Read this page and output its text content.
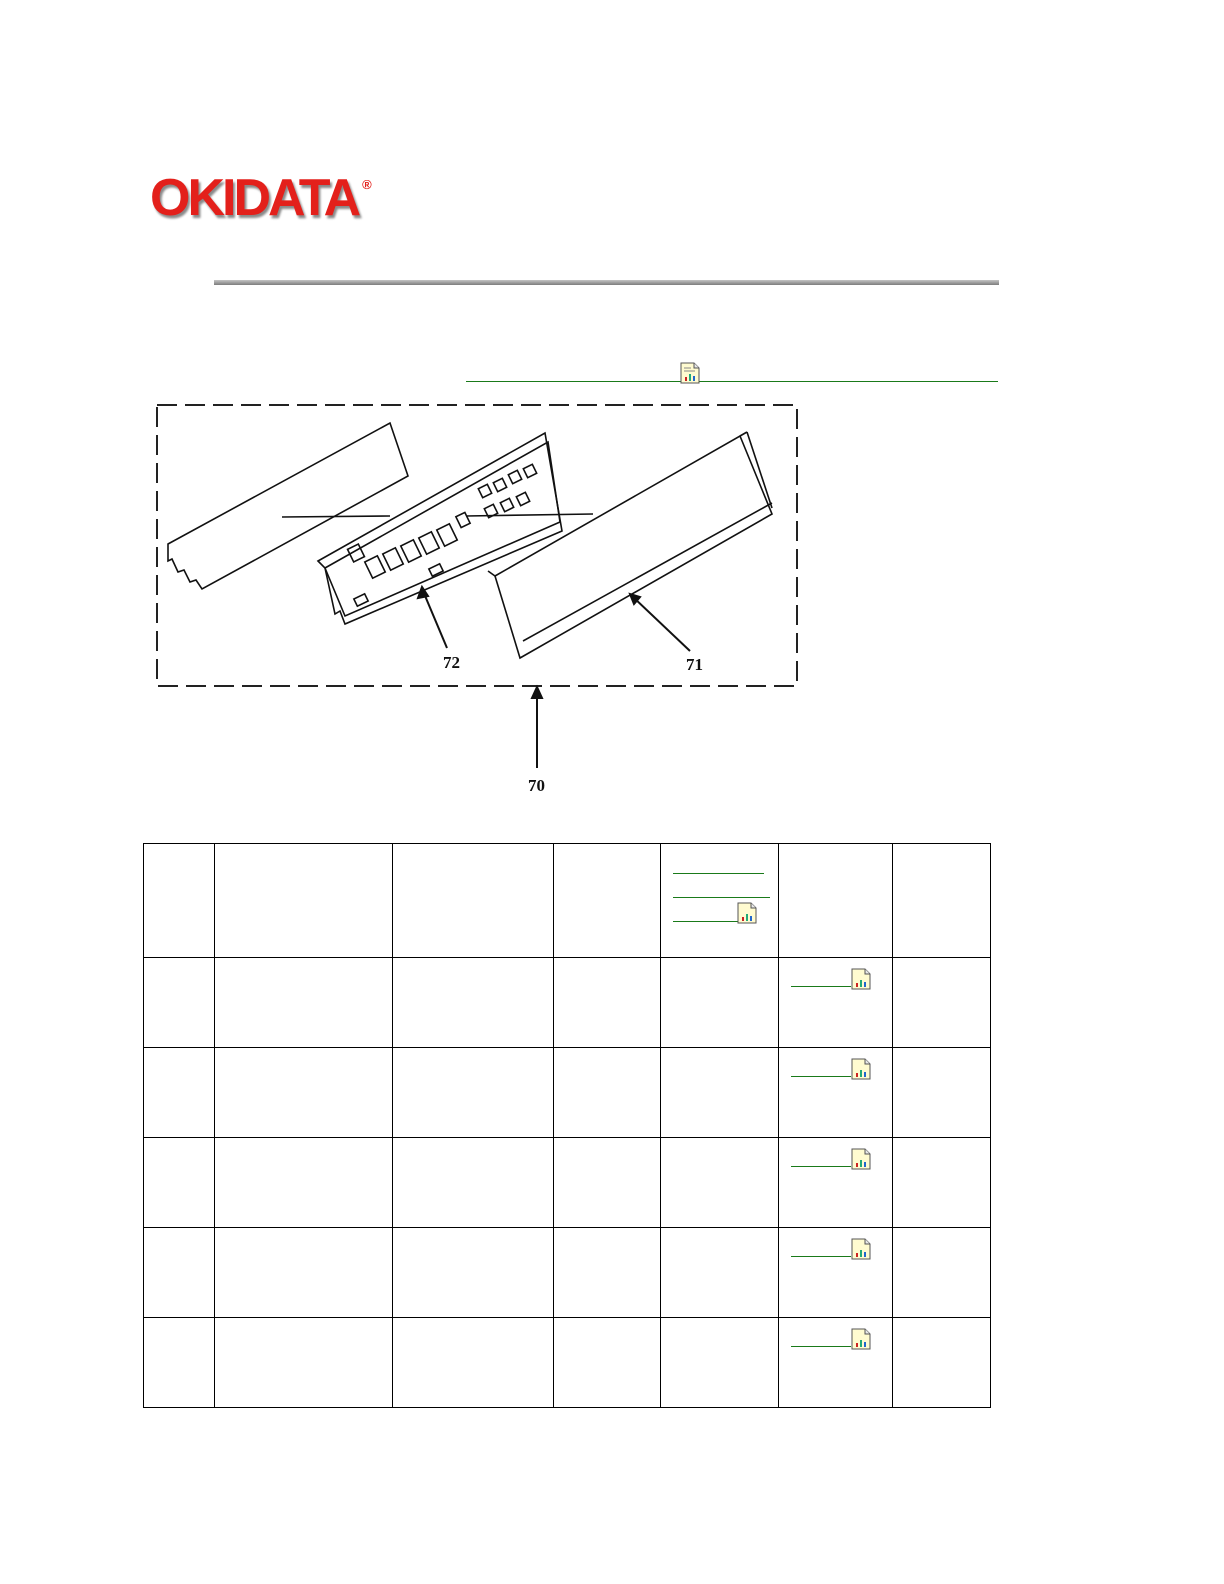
OKIDATA ®
72	71
70
